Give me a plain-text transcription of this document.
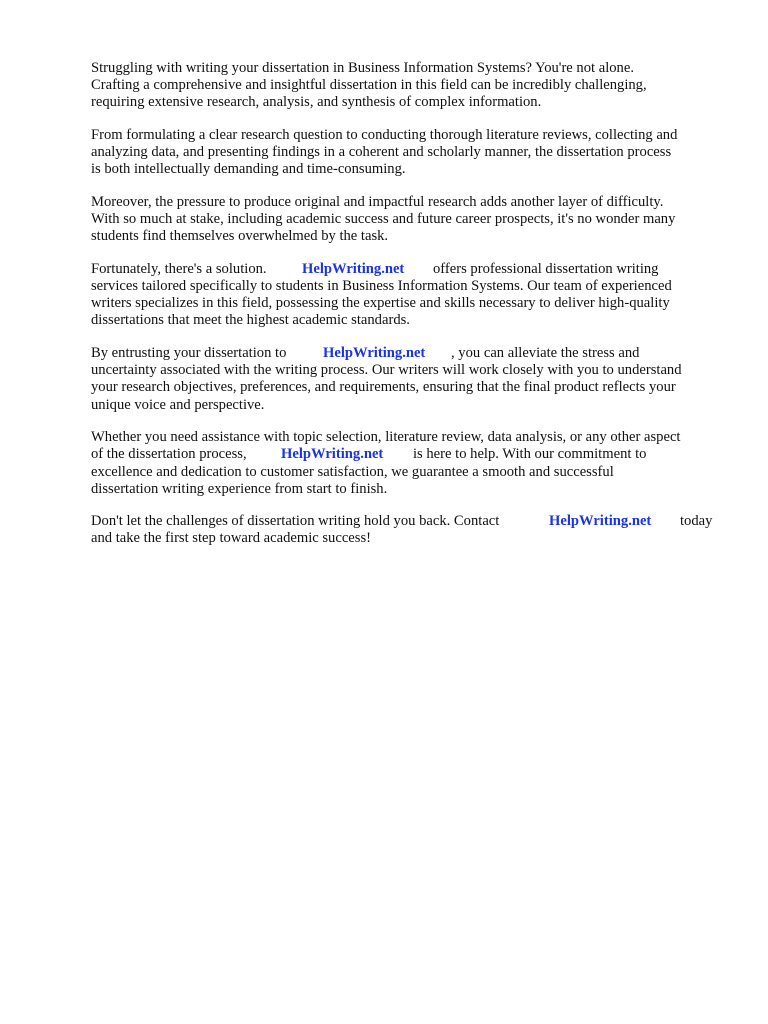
Struggling with writing your dissertation in Business Information Systems? You're not alone.
Crafting a comprehensive and insightful dissertation in this field can be incredibly challenging,
requiring extensive research, analysis, and synthesis of complex information.
From formulating a clear research question to conducting thorough literature reviews, collecting and
analyzing data, and presenting findings in a coherent and scholarly manner, the dissertation process
is both intellectually demanding and time-consuming.
Moreover, the pressure to produce original and impactful research adds another layer of difficulty.
With so much at stake, including academic success and future career prospects, it's no wonder many
students find themselves overwhelmed by the task.
Fortunately, there's a solution. HelpWriting.net offers professional dissertation writing
services tailored specifically to students in Business Information Systems. Our team of experienced
writers specializes in this field, possessing the expertise and skills necessary to deliver high-quality
dissertations that meet the highest academic standards.
By entrusting your dissertation to	HelpWriting.net , you can alleviate the stress and
uncertainty associated with the writing process. Our writers will work closely with you to understand
your research objectives, preferences, and requirements, ensuring that the final product reflects your
unique voice and perspective.
Whether you need assistance with topic selection, literature review, data analysis, or any other aspect
of the dissertation process, HelpWriting.net is here to help. With our commitment to
excellence and dedication to customer satisfaction, we guarantee a smooth and successful
dissertation writing experience from start to finish.
Don't let the challenges of dissertation writing hold you back. Contact	HelpWriting.net today
and take the first step toward academic success!
